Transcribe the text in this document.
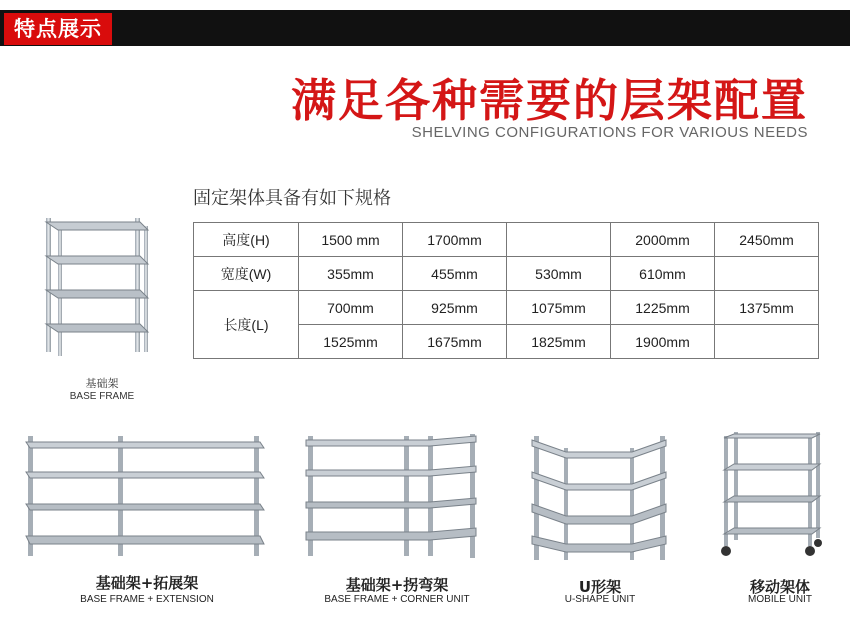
特点展示
满足各种需要的层架配置
SHELVING CONFIGURATIONS FOR VARIOUS NEEDS
固定架体具备有如下规格
高度(H)	1500 mm	1700mm		2000mm	2450mm
宽度(W)	355mm	455mm	530mm	610mm	
长度(L)	700mm	925mm	1075mm	1225mm	1375mm
	1525mm	1675mm	1825mm	1900mm	
基础架
BASE FRAME
基础架+拓展架
BASE FRAME + EXTENSION
基础架+拐弯架
BASE FRAME + CORNER UNIT
U形架
U-SHAPE UNIT
移动架体
MOBILE UNIT
